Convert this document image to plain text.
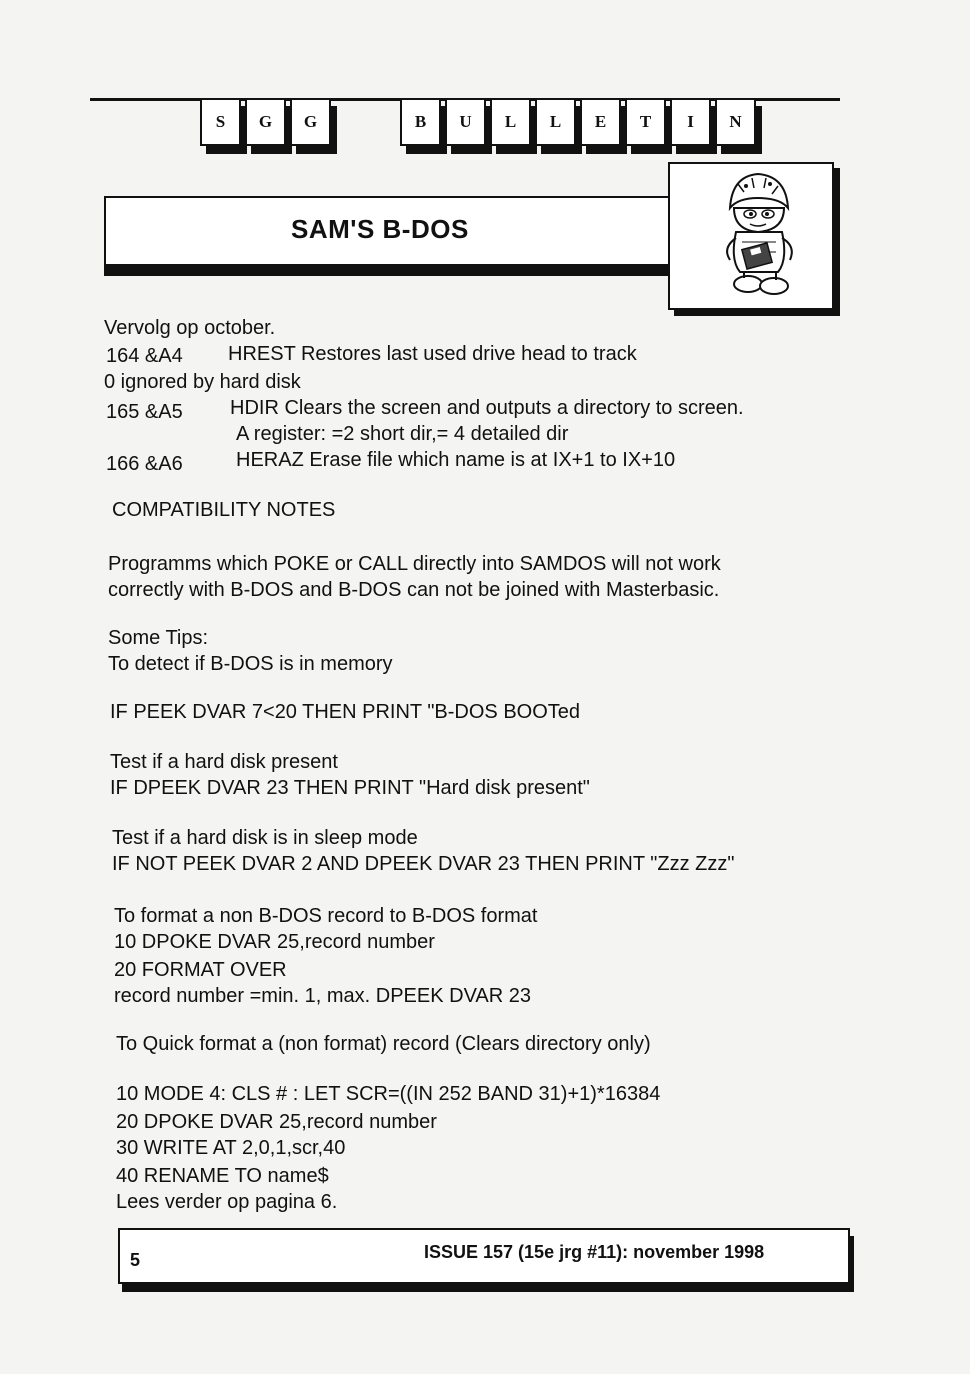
S G G	B U L L E T I N
SAM'S B-DOS
Vervolg op october.
164 &A4 HREST Restores last used drive head to track
0 ignored by hard disk
165 &A5 HDIR Clears the screen and outputs a directory to screen.
A register: =2 short dir,= 4 detailed dir
166 &A6	HERAZ Erase file which name is at IX+1 to IX+10
COMPATIBILITY NOTES
Programms which POKE or CALL directly into SAMDOS will not work
correctly with B-DOS and B-DOS can not be joined with Masterbasic.
Some Tips:
To detect if B-DOS is in memory
IF PEEK DVAR 7<20 THEN PRINT "B-DOS BOOTed
Test if a hard disk present
IF DPEEK DVAR 23 THEN PRINT "Hard disk present"
Test if a hard disk is in sleep mode
IF NOT PEEK DVAR 2 AND DPEEK DVAR 23 THEN PRINT "Zzz Zzz"
To format a non B-DOS record to B-DOS format
10 DPOKE DVAR 25,record number
20 FORMAT OVER
record number =min. 1, max. DPEEK DVAR 23
To Quick format a (non format) record (Clears directory only)
10 MODE 4: CLS # : LET SCR=((IN 252 BAND 31)+1)*16384
20 DPOKE DVAR 25,record number
30 WRITE AT 2,0,1,scr,40
40 RENAME TO name$
Lees verder op pagina 6.
5	ISSUE 157 (15e jrg #11): november 1998
